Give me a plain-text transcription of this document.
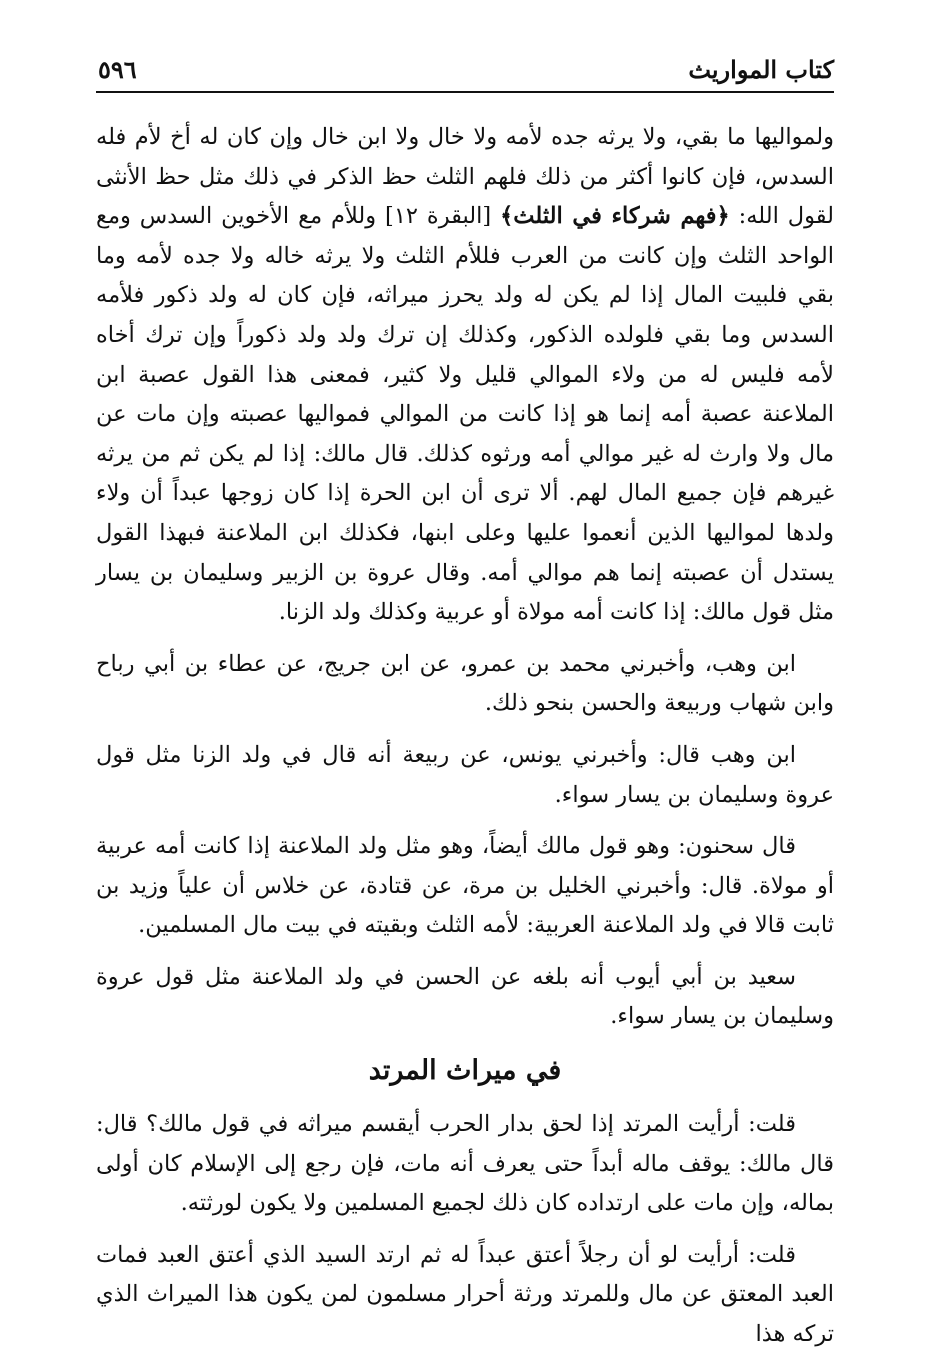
كتاب المواريث
٥٩٦

ولمواليها ما بقي، ولا يرثه جده لأمه ولا خال ولا ابن خال وإن كان له أخ لأم فله السدس، فإن كانوا أكثر من ذلك فلهم الثلث حظ الذكر في ذلك مثل حظ الأنثى لقول الله: ﴿فهم شركاء في الثلث﴾ [البقرة ١٢] وللأم مع الأخوين السدس ومع الواحد الثلث وإن كانت من العرب فللأم الثلث ولا يرثه خاله ولا جده لأمه وما بقي فلبيت المال إذا لم يكن له ولد يحرز ميراثه، فإن كان له ولد ذكور فلأمه السدس وما بقي فلولده الذكور، وكذلك إن ترك ولد ولد ذكوراً وإن ترك أخاه لأمه فليس له من ولاء الموالي قليل ولا كثير، فمعنى هذا القول عصبة ابن الملاعنة عصبة أمه إنما هو إذا كانت من الموالي فمواليها عصبته وإن مات عن مال ولا وارث له غير موالي أمه ورثوه كذلك. قال مالك: إذا لم يكن ثم من يرثه غيرهم فإن جميع المال لهم. ألا ترى أن ابن الحرة إذا كان زوجها عبداً أن ولاء ولدها لمواليها الذين أنعموا عليها وعلى ابنها، فكذلك ابن الملاعنة فبهذا القول يستدل أن عصبته إنما هم موالي أمه. وقال عروة بن الزبير وسليمان بن يسار مثل قول مالك: إذا كانت أمه مولاة أو عربية وكذلك ولد الزنا.

ابن وهب، وأخبرني محمد بن عمرو، عن ابن جريج، عن عطاء بن أبي رباح وابن شهاب وربيعة والحسن بنحو ذلك.

ابن وهب قال: وأخبرني يونس، عن ربيعة أنه قال في ولد الزنا مثل قول عروة وسليمان بن يسار سواء.

قال سحنون: وهو قول مالك أيضاً، وهو مثل ولد الملاعنة إذا كانت أمه عربية أو مولاة. قال: وأخبرني الخليل بن مرة، عن قتادة، عن خلاس أن علياً وزيد بن ثابت قالا في ولد الملاعنة العربية: لأمه الثلث وبقيته في بيت مال المسلمين.

سعيد بن أبي أيوب أنه بلغه عن الحسن في ولد الملاعنة مثل قول عروة وسليمان بن يسار سواء.

في ميراث المرتد

قلت: أرأيت المرتد إذا لحق بدار الحرب أيقسم ميراثه في قول مالك؟ قال: قال مالك: يوقف ماله أبداً حتى يعرف أنه مات، فإن رجع إلى الإسلام كان أولى بماله، وإن مات على ارتداده كان ذلك لجميع المسلمين ولا يكون لورثته.

قلت: أرأيت لو أن رجلاً أعتق عبداً له ثم ارتد السيد الذي أعتق العبد فمات العبد المعتق عن مال وللمرتد ورثة أحرار مسلمون لمن يكون هذا الميراث الذي تركه هذا
